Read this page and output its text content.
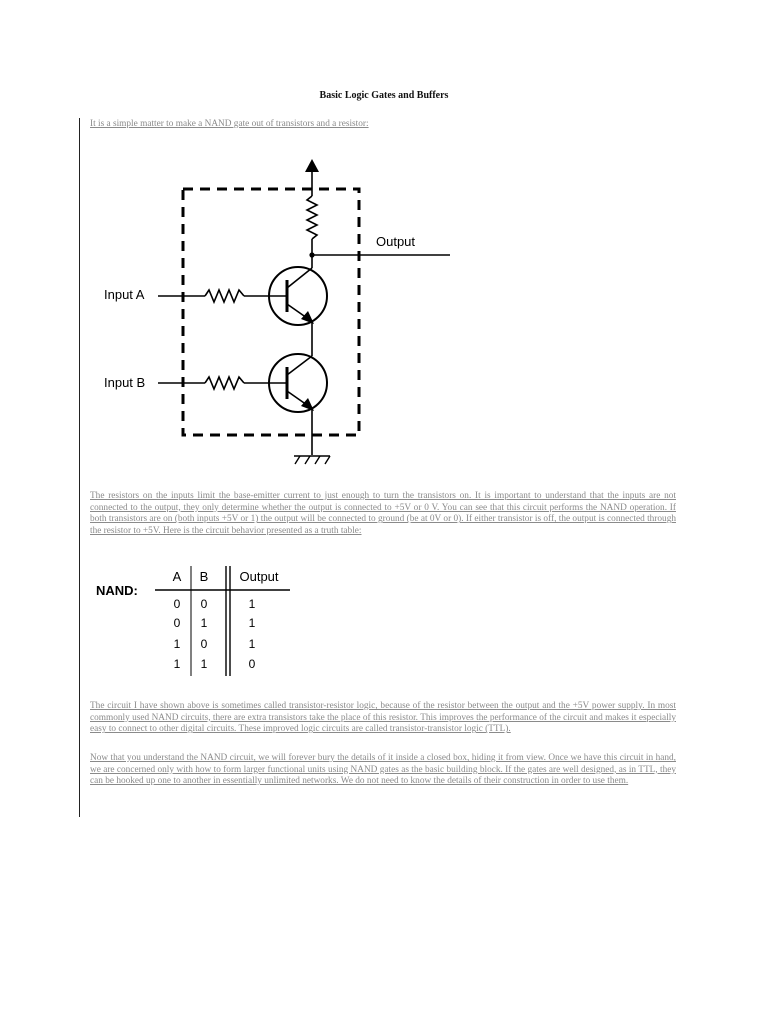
Basic Logic Gates and Buffers
It is a simple matter to make a NAND gate out of transistors and a resistor:
Output
Input A
Input B
The resistors on the inputs limit the base-emitter current to just enough to turn the transistors on. It is important to understand that the inputs are not connected to the output, they only determine whether the output is connected to +5V or 0 V. You can see that this circuit performs the NAND operation. If both transistors are on (both inputs +5V or 1) the output will be connected to ground (be at 0V or 0). If either transistor is off, the output is connected through the resistor to +5V. Here is the circuit behavior presented as a truth table:
NAND:
A B Output
0 0	1
0 1	1
1 0	1
1 1	0
The circuit I have shown above is sometimes called transistor-resistor logic, because of the resistor between the output and the +5V power supply. In most commonly used NAND circuits, there are extra transistors take the place of this resistor. This improves the performance of the circuit and makes it especially easy to connect to other digital circuits. These improved logic circuits are called transistor-transistor logic (TTL).
Now that you understand the NAND circuit, we will forever bury the details of it inside a closed box, hiding it from view. Once we have this circuit in hand, we are concerned only with how to form larger functional units using NAND gates as the basic building block. If the gates are well designed, as in TTL, they can be hooked up one to another in essentially unlimited networks. We do not need to know the details of their construction in order to use them.
